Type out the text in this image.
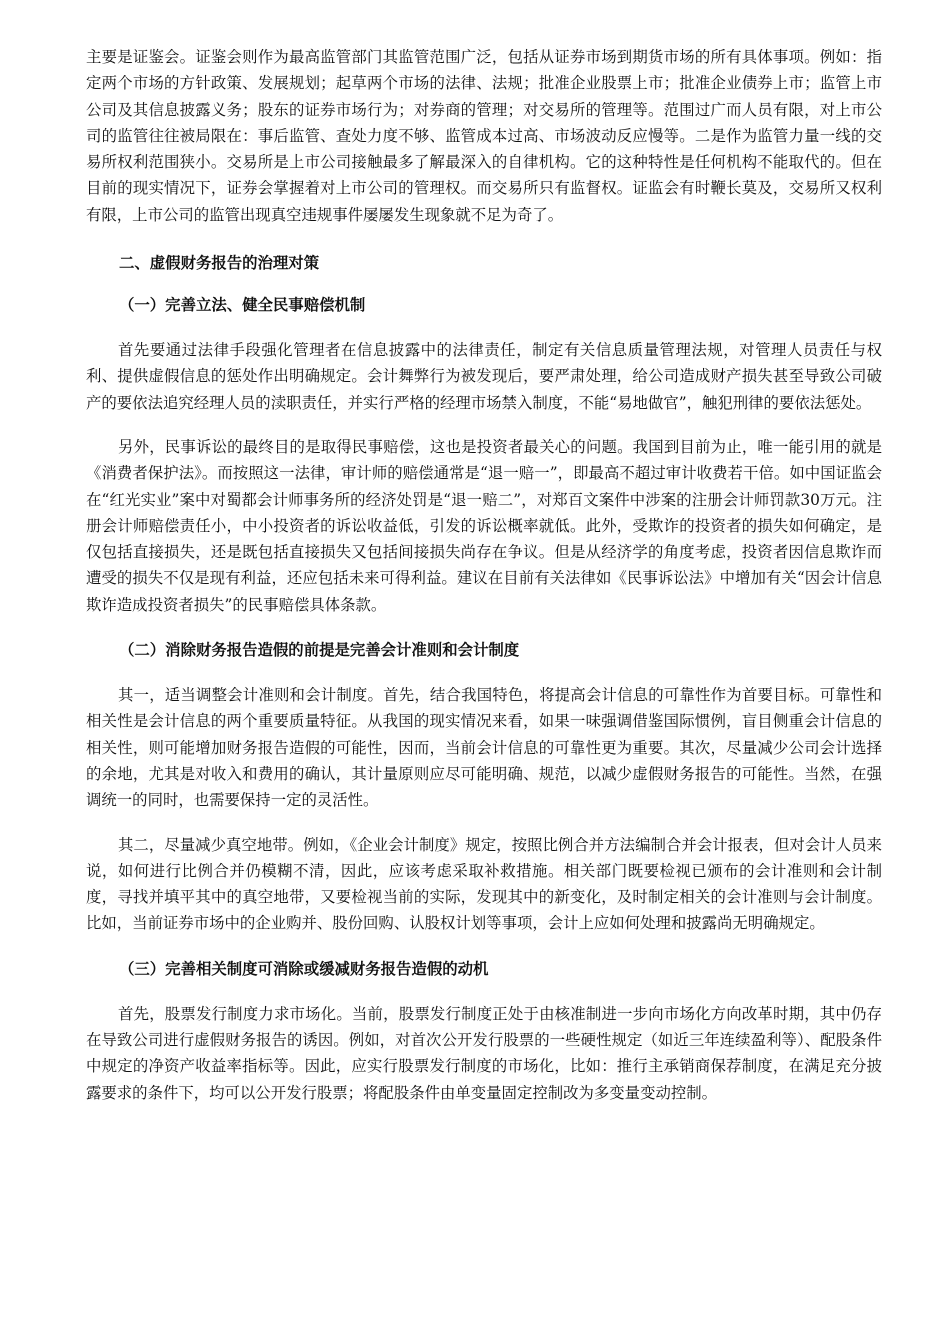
主要是证鉴会。证鉴会则作为最高监管部门其监管范围广泛，包括从证券市场到期货市场的所有具体事项。例如：指定两个市场的方针政策、发展规划；起草两个市场的法律、法规；批准企业股票上市；批准企业债券上市；监管上市公司及其信息披露义务；股东的证券市场行为；对券商的管理；对交易所的管理等。范围过广而人员有限，对上市公司的监管往往被局限在：事后监管、查处力度不够、监管成本过高、市场波动反应慢等。二是作为监管力量一线的交易所权利范围狭小。交易所是上市公司接触最多了解最深入的自律机构。它的这种特性是任何机构不能取代的。但在目前的现实情况下，证券会掌握着对上市公司的管理权。而交易所只有监督权。证监会有时鞭长莫及，交易所又权利有限，上市公司的监管出现真空违规事件屡屡发生现象就不足为奇了。

二、虚假财务报告的治理对策

（一）完善立法、健全民事赔偿机制

首先要通过法律手段强化管理者在信息披露中的法律责任，制定有关信息质量管理法规，对管理人员责任与权利、提供虚假信息的惩处作出明确规定。会计舞弊行为被发现后，要严肃处理，给公司造成财产损失甚至导致公司破产的要依法追究经理人员的渎职责任，并实行严格的经理市场禁入制度，不能“易地做官”，触犯刑律的要依法惩处。

另外，民事诉讼的最终目的是取得民事赔偿，这也是投资者最关心的问题。我国到目前为止，唯一能引用的就是《消费者保护法》。而按照这一法律，审计师的赔偿通常是“退一赔一”，即最高不超过审计收费若干倍。如中国证监会在“红光实业”案中对蜀都会计师事务所的经济处罚是“退一赔二”，对郑百文案件中涉案的注册会计师罚款30万元。注册会计师赔偿责任小，中小投资者的诉讼收益低，引发的诉讼概率就低。此外，受欺诈的投资者的损失如何确定，是仅包括直接损失，还是既包括直接损失又包括间接损失尚存在争议。但是从经济学的角度考虑，投资者因信息欺诈而遭受的损失不仅是现有利益，还应包括未来可得利益。建议在目前有关法律如《民事诉讼法》中增加有关“因会计信息欺诈造成投资者损失”的民事赔偿具体条款。

（二）消除财务报告造假的前提是完善会计准则和会计制度

其一，适当调整会计准则和会计制度。首先，结合我国特色，将提高会计信息的可靠性作为首要目标。可靠性和相关性是会计信息的两个重要质量特征。从我国的现实情况来看，如果一味强调借鉴国际惯例，盲目侧重会计信息的相关性，则可能增加财务报告造假的可能性，因而，当前会计信息的可靠性更为重要。其次，尽量减少公司会计选择的余地，尤其是对收入和费用的确认，其计量原则应尽可能明确、规范，以减少虚假财务报告的可能性。当然，在强调统一的同时，也需要保持一定的灵活性。

其二，尽量减少真空地带。例如，《企业会计制度》规定，按照比例合并方法编制合并会计报表，但对会计人员来说，如何进行比例合并仍模糊不清，因此，应该考虑采取补救措施。相关部门既要检视已颁布的会计准则和会计制度，寻找并填平其中的真空地带，又要检视当前的实际，发现其中的新变化，及时制定相关的会计准则与会计制度。比如，当前证券市场中的企业购并、股份回购、认股权计划等事项，会计上应如何处理和披露尚无明确规定。

（三）完善相关制度可消除或缓减财务报告造假的动机

首先，股票发行制度力求市场化。当前，股票发行制度正处于由核准制进一步向市场化方向改革时期，其中仍存在导致公司进行虚假财务报告的诱因。例如，对首次公开发行股票的一些硬性规定（如近三年连续盈利等）、配股条件中规定的净资产收益率指标等。因此，应实行股票发行制度的市场化，比如：推行主承销商保荐制度，在满足充分披露要求的条件下，均可以公开发行股票；将配股条件由单变量固定控制改为多变量变动控制。
